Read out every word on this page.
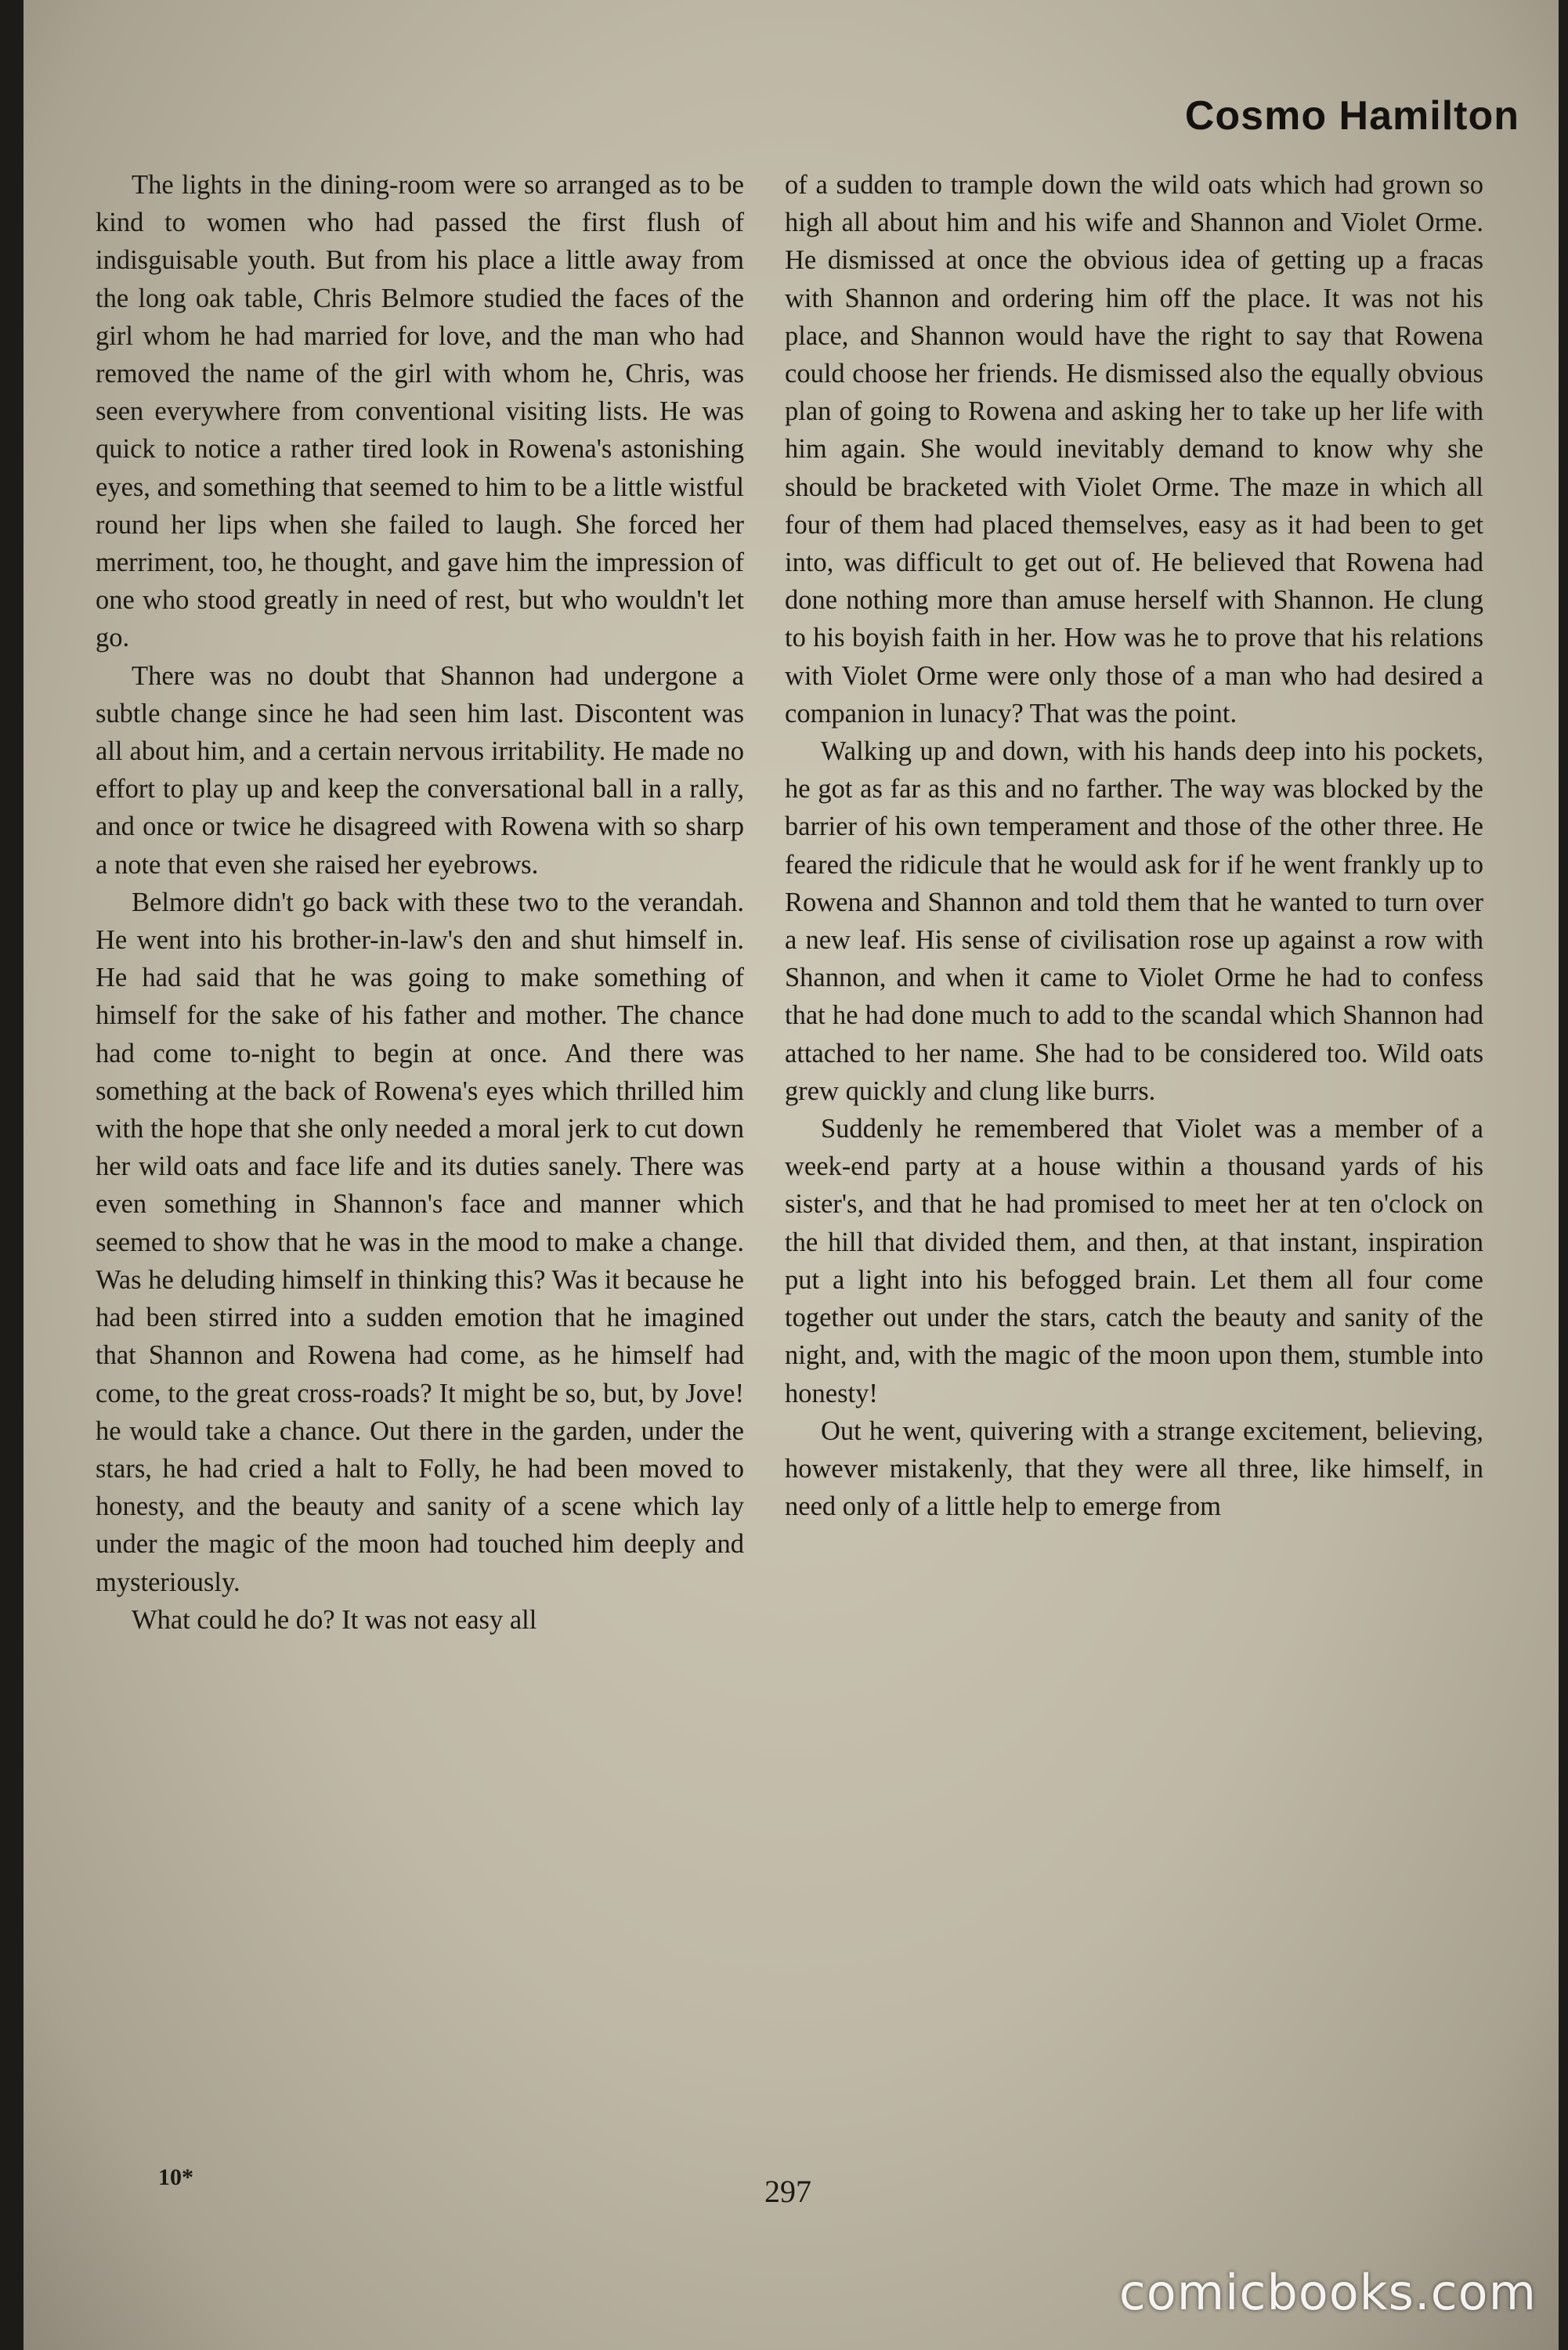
Cosmo Hamilton

The lights in the dining-room were so arranged as to be kind to women who had passed the first flush of indisguisable youth. But from his place a little away from the long oak table, Chris Belmore studied the faces of the girl whom he had married for love, and the man who had removed the name of the girl with whom he, Chris, was seen everywhere from conventional visiting lists. He was quick to notice a rather tired look in Rowena's astonishing eyes, and something that seemed to him to be a little wistful round her lips when she failed to laugh. She forced her merriment, too, he thought, and gave him the impression of one who stood greatly in need of rest, but who wouldn't let go.

There was no doubt that Shannon had undergone a subtle change since he had seen him last. Discontent was all about him, and a certain nervous irritability. He made no effort to play up and keep the conversational ball in a rally, and once or twice he disagreed with Rowena with so sharp a note that even she raised her eyebrows.

Belmore didn't go back with these two to the verandah. He went into his brother-in-law's den and shut himself in. He had said that he was going to make something of himself for the sake of his father and mother. The chance had come to-night to begin at once. And there was something at the back of Rowena's eyes which thrilled him with the hope that she only needed a moral jerk to cut down her wild oats and face life and its duties sanely. There was even something in Shannon's face and manner which seemed to show that he was in the mood to make a change. Was he deluding himself in thinking this? Was it because he had been stirred into a sudden emotion that he imagined that Shannon and Rowena had come, as he himself had come, to the great cross-roads? It might be so, but, by Jove! he would take a chance. Out there in the garden, under the stars, he had cried a halt to Folly, he had been moved to honesty, and the beauty and sanity of a scene which lay under the magic of the moon had touched him deeply and mysteriously.

What could he do? It was not easy all

of a sudden to trample down the wild oats which had grown so high all about him and his wife and Shannon and Violet Orme. He dismissed at once the obvious idea of getting up a fracas with Shannon and ordering him off the place. It was not his place, and Shannon would have the right to say that Rowena could choose her friends. He dismissed also the equally obvious plan of going to Rowena and asking her to take up her life with him again. She would inevitably demand to know why she should be bracketed with Violet Orme. The maze in which all four of them had placed themselves, easy as it had been to get into, was difficult to get out of. He believed that Rowena had done nothing more than amuse herself with Shannon. He clung to his boyish faith in her. How was he to prove that his relations with Violet Orme were only those of a man who had desired a companion in lunacy? That was the point.

Walking up and down, with his hands deep into his pockets, he got as far as this and no farther. The way was blocked by the barrier of his own temperament and those of the other three. He feared the ridicule that he would ask for if he went frankly up to Rowena and Shannon and told them that he wanted to turn over a new leaf. His sense of civilisation rose up against a row with Shannon, and when it came to Violet Orme he had to confess that he had done much to add to the scandal which Shannon had attached to her name. She had to be considered too. Wild oats grew quickly and clung like burrs.

Suddenly he remembered that Violet was a member of a week-end party at a house within a thousand yards of his sister's, and that he had promised to meet her at ten o'clock on the hill that divided them, and then, at that instant, inspiration put a light into his befogged brain. Let them all four come together out under the stars, catch the beauty and sanity of the night, and, with the magic of the moon upon them, stumble into honesty!

Out he went, quivering with a strange excitement, believing, however mistakenly, that they were all three, like himself, in need only of a little help to emerge from

10*	297
comicbooks.com
